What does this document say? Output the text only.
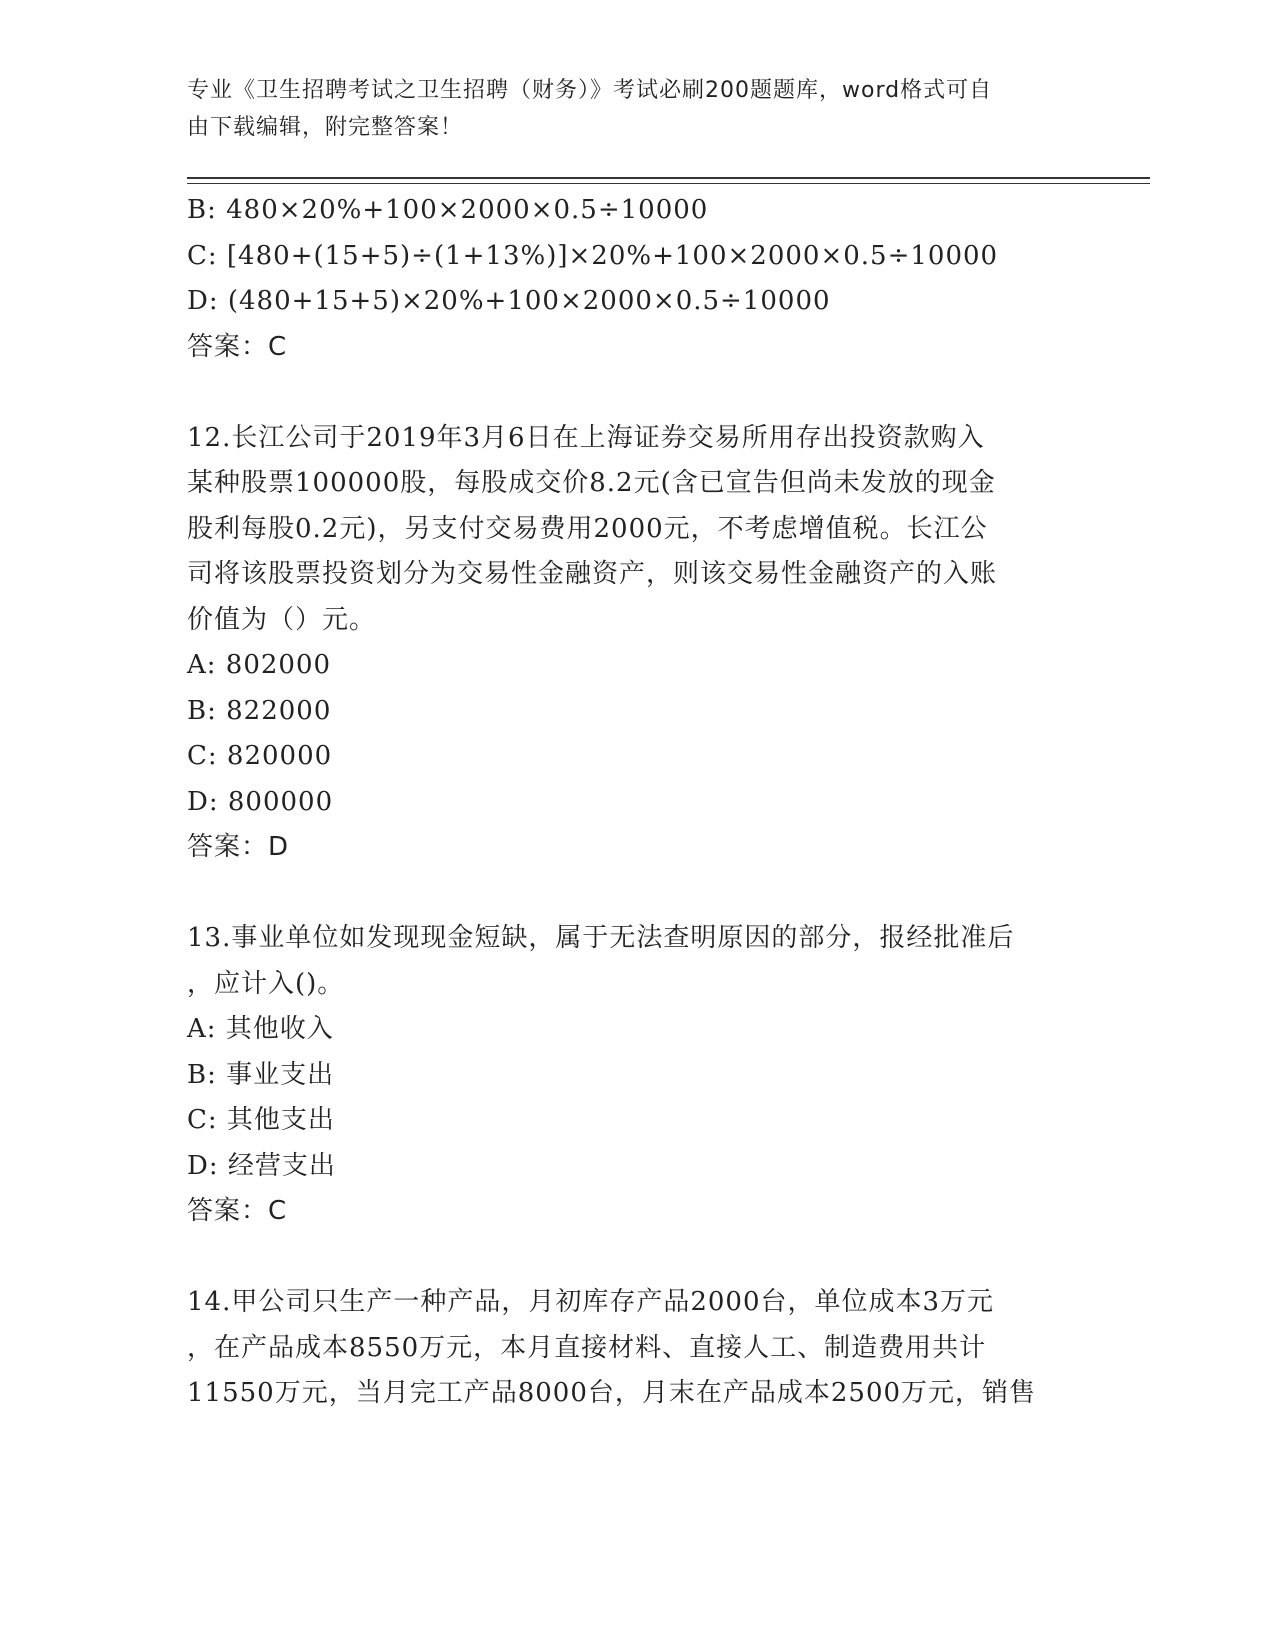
专业《卫生招聘考试之卫生招聘（财务）》考试必刷200题题库，word格式可自
由下载编辑，附完整答案！
B: 480×20%+100×2000×0.5÷10000
C: [480+(15+5)÷(1+13%)]×20%+100×2000×0.5÷10000
D: (480+15+5)×20%+100×2000×0.5÷10000
答案：C
12.长江公司于2019年3月6日在上海证券交易所用存出投资款购入
某种股票100000股，每股成交价8.2元(含已宣告但尚未发放的现金
股利每股0.2元)，另支付交易费用2000元，不考虑增值税。长江公
司将该股票投资划分为交易性金融资产，则该交易性金融资产的入账
价值为（）元。
A: 802000
B: 822000
C: 820000
D: 800000
答案：D
13.事业单位如发现现金短缺，属于无法查明原因的部分，报经批准后
，应计入()。
A: 其他收入
B: 事业支出
C: 其他支出
D: 经营支出
答案：C
14.甲公司只生产一种产品，月初库存产品2000台，单位成本3万元
，在产品成本8550万元，本月直接材料、直接人工、制造费用共计
11550万元，当月完工产品8000台，月末在产品成本2500万元，销售
